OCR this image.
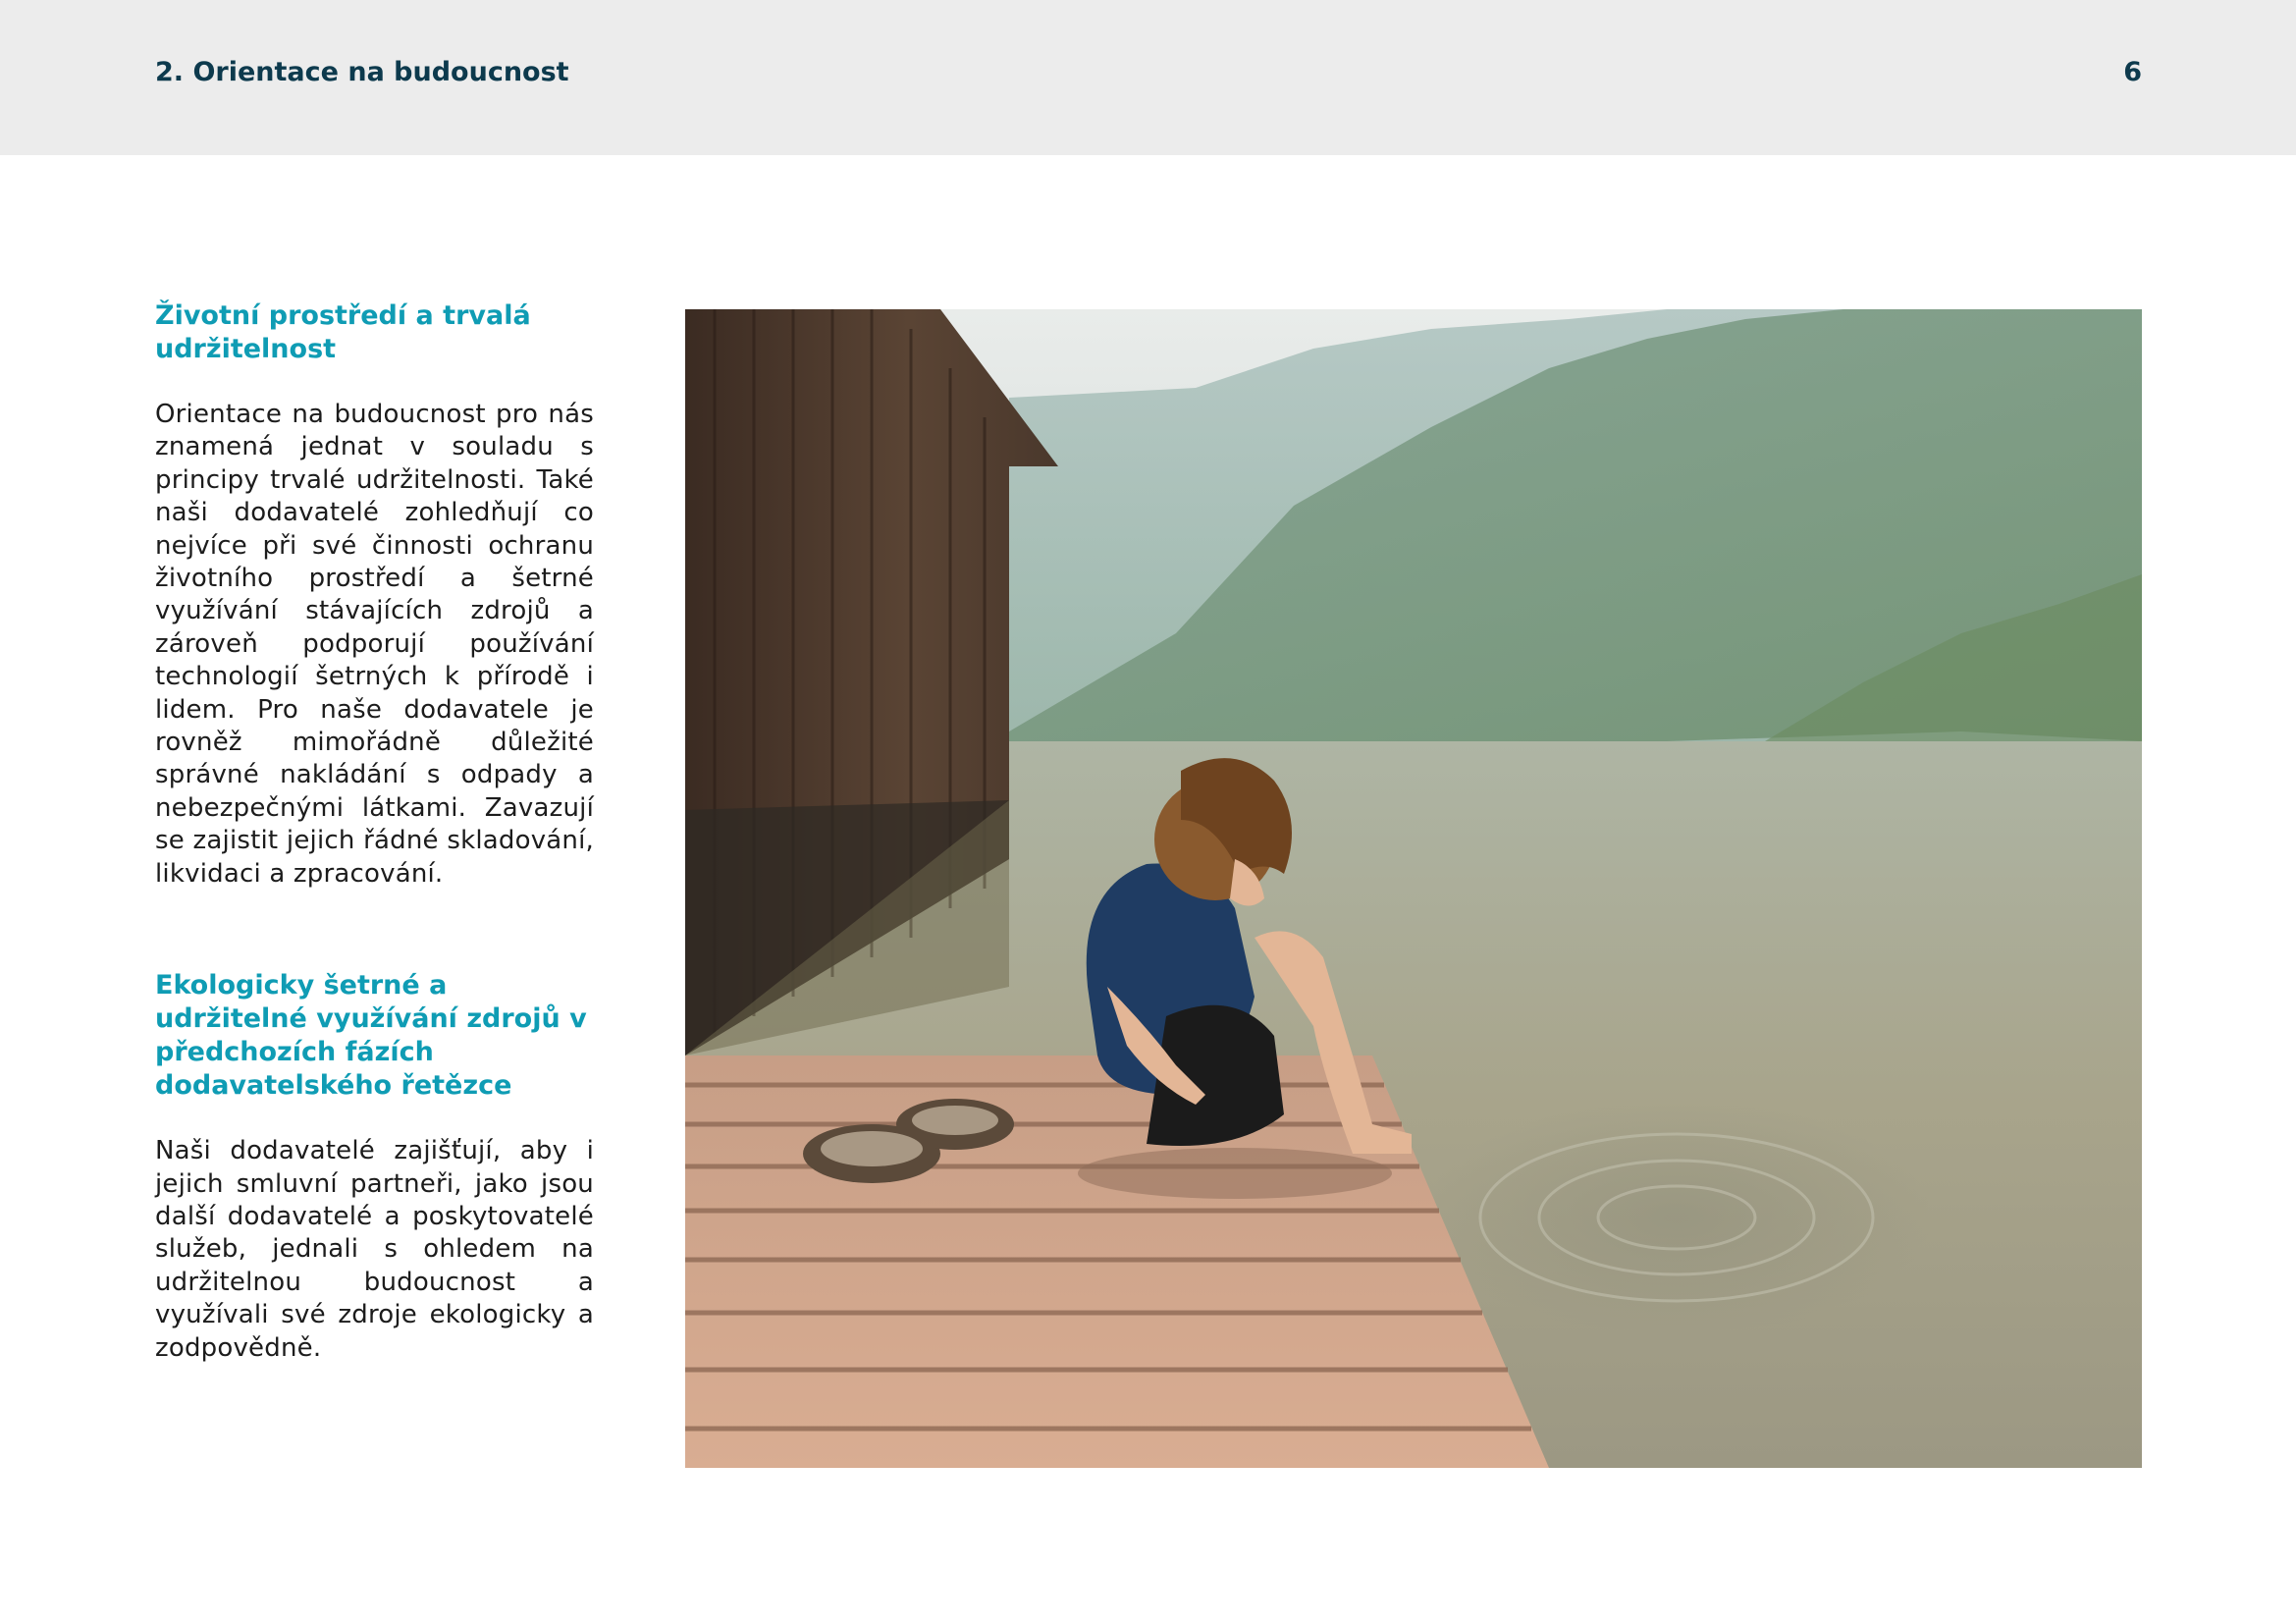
2. Orientace na budoucnost	6
Životní prostředí a trvalá udržitelnost

Orientace na budoucnost pro nás znamená jednat v souladu s principy trvalé udržitelnosti. Také naši dodavatelé zohledňují co nejvíce při své činnosti ochranu životního prostředí a šetrné využívání stávajících zdrojů a zároveň podporují používání technologií šetrných k přírodě i lidem. Pro naše dodavatele je rovněž mimořádně důležité správné nakládání s odpady a nebezpečnými látkami. Zavazují se zajistit jejich řádné skladování, likvidaci a zpracování.

Ekologicky šetrné a udržitelné využívání zdrojů v předchozích fázích dodavatelského řetězce

Naši dodavatelé zajišťují, aby i jejich smluvní partneři, jako jsou další dodavatelé a poskytovatelé služeb, jednali s ohledem na udržitelnou budoucnost a využívali své zdroje ekologicky a zodpovědně.
